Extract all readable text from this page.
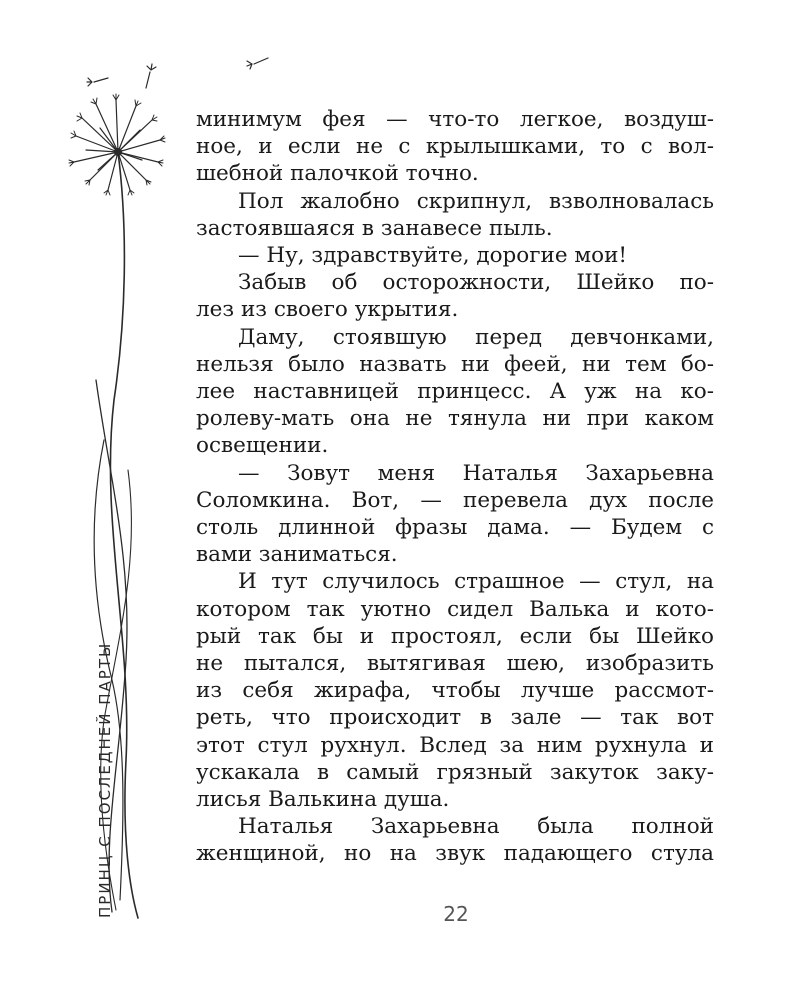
ПРИНЦ С ПОСЛЕДНЕЙ ПАРТЫ
минимум фея — что-то легкое, воздуш-
ное, и если не с крылышками, то с вол-
шебной палочкой точно.
Пол жалобно скрипнул, взволновалась
застоявшаяся в занавесе пыль.
— Ну, здравствуйте, дорогие мои!
Забыв об осторожности, Шейко по-
лез из своего укрытия.
Даму, стоявшую перед девчонками,
нельзя было назвать ни феей, ни тем бо-
лее наставницей принцесс. А уж на ко-
ролеву-мать она не тянула ни при каком
освещении.
— Зовут меня Наталья Захарьевна
Соломкина. Вот, — перевела дух после
столь длинной фразы дама. — Будем с
вами заниматься.
И тут случилось страшное — стул, на
котором так уютно сидел Валька и кото-
рый так бы и простоял, если бы Шейко
не пытался, вытягивая шею, изобразить
из себя жирафа, чтобы лучше рассмот-
реть, что происходит в зале — так вот
этот стул рухнул. Вслед за ним рухнула и
ускакала в самый грязный закуток заку-
лисья Валькина душа.
Наталья Захарьевна была полной
женщиной, но на звук падающего стула
22
